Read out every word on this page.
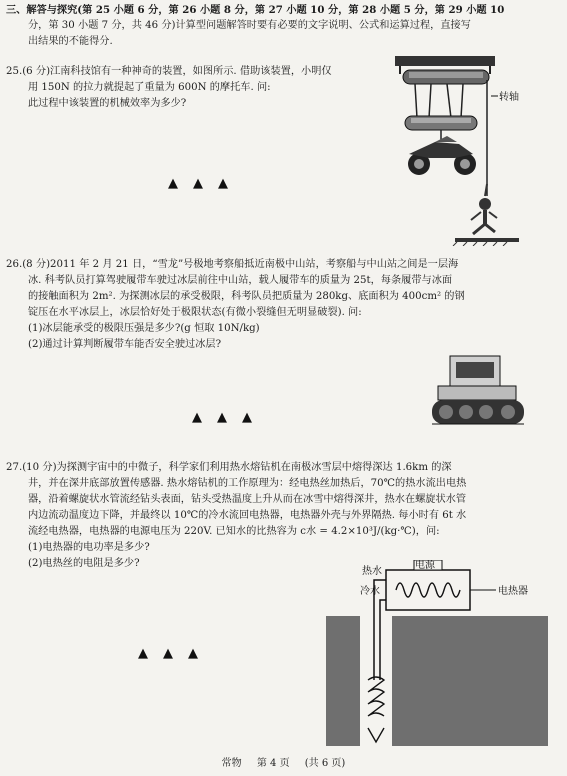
三、解答与探究(第 25 小题 6 分，第 26 小题 8 分，第 27 小题 10 分，第 28 小题 5 分，第 29 小题 10
分，第 30 小题 7 分，共 46 分)计算型问题解答时要有必要的文字说明、公式和运算过程，直接写
出结果的不能得分.
25.(6 分)江南科技馆有一种神奇的装置，如图所示. 借助该装置，小明仅
用 150N 的拉力就提起了重量为 600N 的摩托车. 问:
此过程中该装置的机械效率为多少?
转轴
▲▲▲
26.(8 分)2011 年 2 月 21 日，“雪龙”号极地考察船抵近南极中山站，考察船与中山站之间是一层海
冰. 科考队员打算驾驶履带车驶过冰层前往中山站，载人履带车的质量为 25t，每条履带与冰面
的接触面积为 2m². 为探测冰层的承受极限，科考队员把质量为 280kg、底面积为 400cm² 的钢
锭压在水平冰层上，冰层恰好处于极限状态(有微小裂缝但无明显破裂). 问:
(1)冰层能承受的极限压强是多少?(g 恒取 10N/kg)
(2)通过计算判断履带车能否安全驶过冰层?
▲▲▲
27.(10 分)为探测宇宙中的中微子，科学家们利用热水熔钻机在南极冰雪层中熔得深达 1.6km 的深
井，并在深井底部放置传感器. 热水熔钻机的工作原理为：经电热丝加热后，70℃的热水流出电热
器，沿着螺旋状水管流经钻头表面，钻头受热温度上升从而在冰雪中熔得深井，热水在螺旋状水管
内边流动温度边下降，并最终以 10℃的冷水流回电热器，电热器外壳与外界隔热. 每小时有 6t 水
流经电热器，电热器的电源电压为 220V. 已知水的比热容为 c水 = 4.2×10³J/(kg·℃)，问:
(1)电热器的电功率是多少?
(2)电热丝的电阻是多少?	电源
电热器
热水
冷水
▲▲▲
常物 第 4 页 (共 6 页)
